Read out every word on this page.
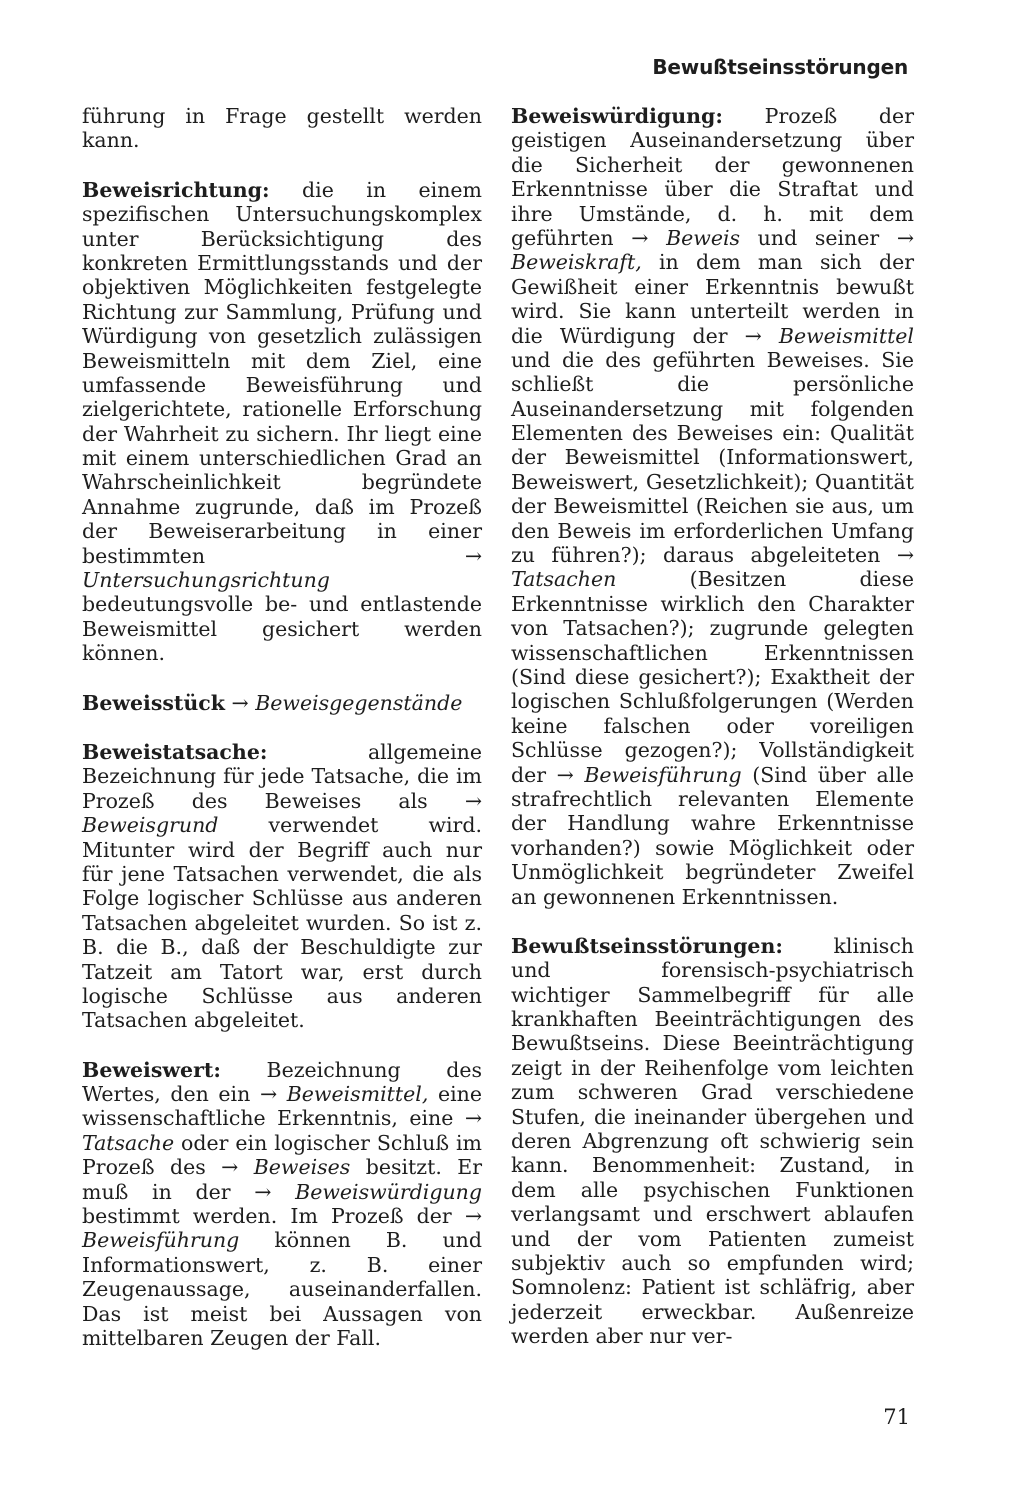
Bewußtseinsstörungen

führung in Frage gestellt werden kann.

Beweisrichtung: die in einem spezifischen Untersuchungskomplex unter Berücksichtigung des konkreten Ermittlungsstands und der objektiven Möglichkeiten festgelegte Richtung zur Sammlung, Prüfung und Würdigung von gesetzlich zulässigen Beweismitteln mit dem Ziel, eine umfassende Beweisführung und zielgerichtete, rationelle Erforschung der Wahrheit zu sichern. Ihr liegt eine mit einem unterschiedlichen Grad an Wahrscheinlichkeit begründete Annahme zugrunde, daß im Prozeß der Beweiserarbeitung in einer bestimmten → Untersuchungsrichtung bedeutungsvolle be- und entlastende Beweismittel gesichert werden können.

Beweisstück → Beweisgegenstände

Beweistatsache: allgemeine Bezeichnung für jede Tatsache, die im Prozeß des Beweises als → Beweisgrund verwendet wird. Mitunter wird der Begriff auch nur für jene Tatsachen verwendet, die als Folge logischer Schlüsse aus anderen Tatsachen abgeleitet wurden. So ist z. B. die B., daß der Beschuldigte zur Tatzeit am Tatort war, erst durch logische Schlüsse aus anderen Tatsachen abgeleitet.

Beweiswert: Bezeichnung des Wertes, den ein → Beweismittel, eine wissenschaftliche Erkenntnis, eine → Tatsache oder ein logischer Schluß im Prozeß des → Beweises besitzt. Er muß in der → Beweiswürdigung bestimmt werden. Im Prozeß der → Beweisführung können B. und Informationswert, z. B. einer Zeugenaussage, auseinanderfallen. Das ist meist bei Aussagen von mittelbaren Zeugen der Fall.

Beweiswürdigung: Prozeß der geistigen Auseinandersetzung über die Sicherheit der gewonnenen Erkenntnisse über die Straftat und ihre Umstände, d. h. mit dem geführten → Beweis und seiner → Beweiskraft, in dem man sich der Gewißheit einer Erkenntnis bewußt wird. Sie kann unterteilt werden in die Würdigung der → Beweismittel und die des geführten Beweises. Sie schließt die persönliche Auseinandersetzung mit folgenden Elementen des Beweises ein: Qualität der Beweismittel (Informationswert, Beweiswert, Gesetzlichkeit); Quantität der Beweismittel (Reichen sie aus, um den Beweis im erforderlichen Umfang zu führen?); daraus abgeleiteten → Tatsachen (Besitzen diese Erkenntnisse wirklich den Charakter von Tatsachen?); zugrunde gelegten wissenschaftlichen Erkenntnissen (Sind diese gesichert?); Exaktheit der logischen Schlußfolgerungen (Werden keine falschen oder voreiligen Schlüsse gezogen?); Vollständigkeit der → Beweisführung (Sind über alle strafrechtlich relevanten Elemente der Handlung wahre Erkenntnisse vorhanden?) sowie Möglichkeit oder Unmöglichkeit begründeter Zweifel an gewonnenen Erkenntnissen.

Bewußtseinsstörungen: klinisch und forensisch-psychiatrisch wichtiger Sammelbegriff für alle krankhaften Beeinträchtigungen des Bewußtseins. Diese Beeinträchtigung zeigt in der Reihenfolge vom leichten zum schweren Grad verschiedene Stufen, die ineinander übergehen und deren Abgrenzung oft schwierig sein kann. Benommenheit: Zustand, in dem alle psychischen Funktionen verlangsamt und erschwert ablaufen und der vom Patienten zumeist subjektiv auch so empfunden wird; Somnolenz: Patient ist schläfrig, aber jederzeit erweckbar. Außenreize werden aber nur ver-

71
